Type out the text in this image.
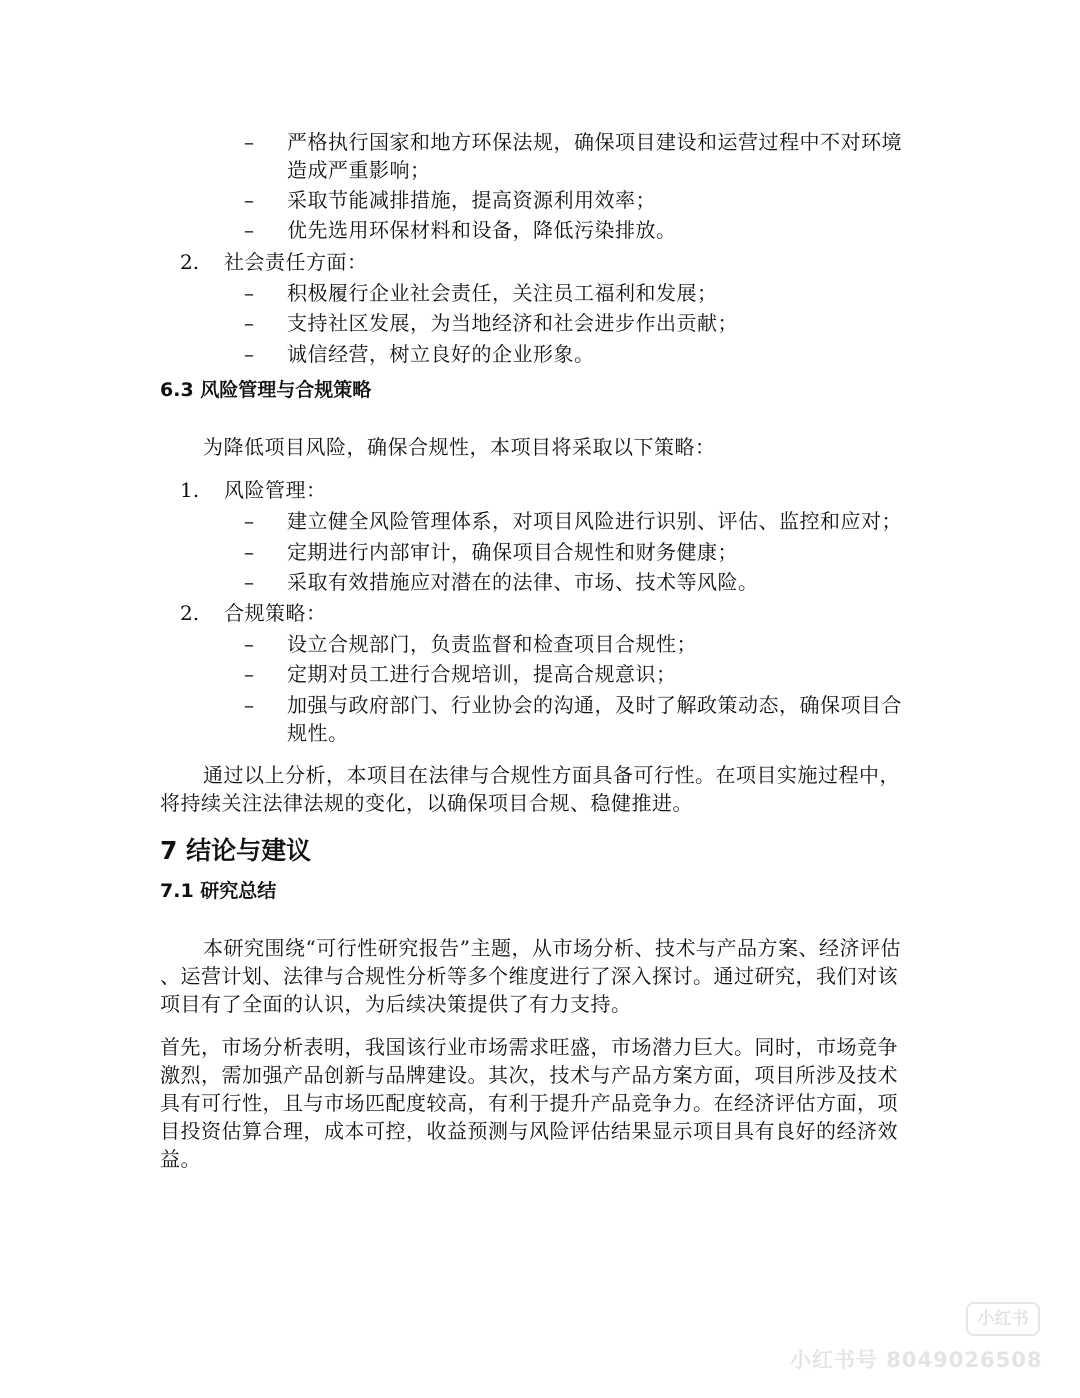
– 严格执行国家和地方环保法规，确保项目建设和运营过程中不对环境
造成严重影响；
– 采取节能减排措施，提高资源利用效率；
– 优先选用环保材料和设备，降低污染排放。
2. 社会责任方面：
– 积极履行企业社会责任，关注员工福利和发展；
– 支持社区发展，为当地经济和社会进步作出贡献；
– 诚信经营，树立良好的企业形象。
6.3 风险管理与合规策略
为降低项目风险，确保合规性，本项目将采取以下策略：
1. 风险管理：
– 建立健全风险管理体系，对项目风险进行识别、评估、监控和应对；
– 定期进行内部审计，确保项目合规性和财务健康；
– 采取有效措施应对潜在的法律、市场、技术等风险。
2. 合规策略：
– 设立合规部门，负责监督和检查项目合规性；
– 定期对员工进行合规培训，提高合规意识；
– 加强与政府部门、行业协会的沟通，及时了解政策动态，确保项目合
规性。
通过以上分析，本项目在法律与合规性方面具备可行性。在项目实施过程中，
将持续关注法律法规的变化，以确保项目合规、稳健推进。
7 结论与建议
7.1 研究总结
本研究围绕“可行性研究报告”主题，从市场分析、技术与产品方案、经济评估
、运营计划、法律与合规性分析等多个维度进行了深入探讨。通过研究，我们对该
项目有了全面的认识，为后续决策提供了有力支持。
首先，市场分析表明，我国该行业市场需求旺盛，市场潜力巨大。同时，市场竞争
激烈，需加强产品创新与品牌建设。其次，技术与产品方案方面，项目所涉及技术
具有可行性，且与市场匹配度较高，有利于提升产品竞争力。在经济评估方面，项
目投资估算合理，成本可控，收益预测与风险评估结果显示项目具有良好的经济效
益。
小红书
小红书号 8049026508
